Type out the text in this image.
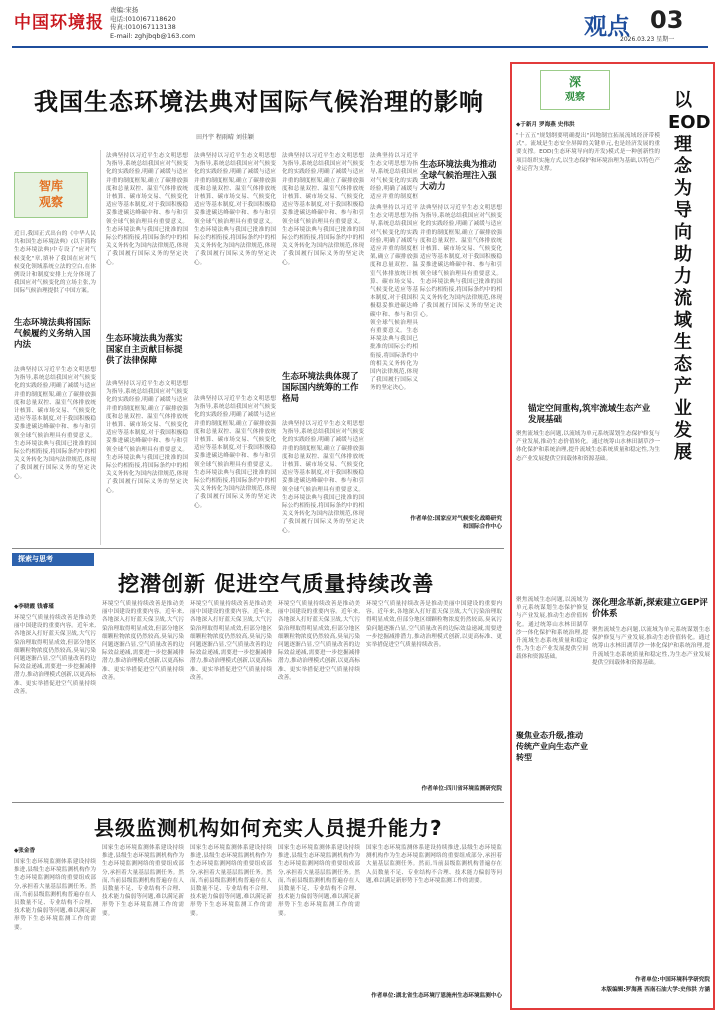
中国环境报
责编:宋扬
电话:(010)67118620
传真:(010)67113138
E-mail: zghjbqb@163.com	观点 03
2026.03.23 星期一
我国生态环境法典对国际气候治理的影响
田丹宇 程雨晴 刘佳颖
智库
观察
近日,我国正式出台的《中华人民共和国生态环境法典》(以下简称生态环境法典)中专设了"应对气候变化"章,填补了我国在应对气候变化领域系统立法的空白,在体例设计和制度安排上充分体现了我国应对气候变化的立场主张,为国际气候治理提供了中国方案。
生态环境法典将国际气候履约义务纳入国内法
法典坚持以习近平生态文明思想为指导,系统总结我国应对气候变化的实践经验,明确了减缓与适应并重的制度框架,确立了碳排放强度和总量双控、温室气体排放统计核算、碳市场交易、气候变化适应等基本制度,对于我国积极稳妥推进碳达峰碳中和、参与和引领全球气候治理具有重要意义。生态环境法典与我国已批准的国际公约相衔接,将国际条约中的相关义务转化为国内法律规范,体现了我国履行国际义务的坚定决心。
法典坚持以习近平生态文明思想为指导,系统总结我国应对气候变化的实践经验,明确了减缓与适应并重的制度框架,确立了碳排放强度和总量双控、温室气体排放统计核算、碳市场交易、气候变化适应等基本制度,对于我国积极稳妥推进碳达峰碳中和、参与和引领全球气候治理具有重要意义。生态环境法典与我国已批准的国际公约相衔接,将国际条约中的相关义务转化为国内法律规范,体现了我国履行国际义务的坚定决心。
生态环境法典为落实国家自主贡献目标提供了法律保障
法典坚持以习近平生态文明思想为指导,系统总结我国应对气候变化的实践经验,明确了减缓与适应并重的制度框架,确立了碳排放强度和总量双控、温室气体排放统计核算、碳市场交易、气候变化适应等基本制度,对于我国积极稳妥推进碳达峰碳中和、参与和引领全球气候治理具有重要意义。生态环境法典与我国已批准的国际公约相衔接,将国际条约中的相关义务转化为国内法律规范,体现了我国履行国际义务的坚定决心。
法典坚持以习近平生态文明思想为指导,系统总结我国应对气候变化的实践经验,明确了减缓与适应并重的制度框架,确立了碳排放强度和总量双控、温室气体排放统计核算、碳市场交易、气候变化适应等基本制度,对于我国积极稳妥推进碳达峰碳中和、参与和引领全球气候治理具有重要意义。生态环境法典与我国已批准的国际公约相衔接,将国际条约中的相关义务转化为国内法律规范,体现了我国履行国际义务的坚定决心。
法典坚持以习近平生态文明思想为指导,系统总结我国应对气候变化的实践经验,明确了减缓与适应并重的制度框架,确立了碳排放强度和总量双控、温室气体排放统计核算、碳市场交易、气候变化适应等基本制度,对于我国积极稳妥推进碳达峰碳中和、参与和引领全球气候治理具有重要意义。生态环境法典与我国已批准的国际公约相衔接,将国际条约中的相关义务转化为国内法律规范,体现了我国履行国际义务的坚定决心。
法典坚持以习近平生态文明思想为指导,系统总结我国应对气候变化的实践经验,明确了减缓与适应并重的制度框架,确立了碳排放强度和总量双控、温室气体排放统计核算、碳市场交易、气候变化适应等基本制度,对于我国积极稳妥推进碳达峰碳中和、参与和引领全球气候治理具有重要意义。生态环境法典与我国已批准的国际公约相衔接,将国际条约中的相关义务转化为国内法律规范,体现了我国履行国际义务的坚定决心。
生态环境法典体现了国际国内统筹的工作格局
法典坚持以习近平生态文明思想为指导,系统总结我国应对气候变化的实践经验,明确了减缓与适应并重的制度框架,确立了碳排放强度和总量双控、温室气体排放统计核算、碳市场交易、气候变化适应等基本制度,对于我国积极稳妥推进碳达峰碳中和、参与和引领全球气候治理具有重要意义。生态环境法典与我国已批准的国际公约相衔接,将国际条约中的相关义务转化为国内法律规范,体现了我国履行国际义务的坚定决心。
法典坚持以习近平生态文明思想为指导,系统总结我国应对气候变化的实践经验,明确了减缓与适应并重的制度框
生态环境法典为推动全球气候治理注入强大动力
法典坚持以习近平生态文明思想为指导,系统总结我国应对气候变化的实践经验,明确了减缓与适应并重的制度框架,确立了碳排放强度和总量双控、温室气体排放统计核算、碳市场交易、气候变化适应等基本制度,对于我国积极稳妥推进碳达峰碳中和、参与和引领全球气候治理具有重要意义。生态环境法典与我国已批准的国际公约相衔接,将国际条约中的相关义务转化为国内法律规范,体现了我国履行国际义务的坚定决心。
法典坚持以习近平生态文明思想为指导,系统总结我国应对气候变化的实践经验,明确了减缓与适应并重的制度框架,确立了碳排放强度和总量双控、温室气体排放统计核算、碳市场交易、气候变化适应等基本制度,对于我国积极稳妥推进碳达峰碳中和、参与和引领全球气候治理具有重要意义。生态环境法典与我国已批准的国际公约相衔接,将国际条约中的相关义务转化为国内法律规范,体现了我国履行国际义务的坚定决心。
作者单位:国家应对气候变化战略研究和国际合作中心
探索与思考
挖潜创新 促进空气质量持续改善
◆李晓霞 钱睿瑾
环境空气质量持续改善是推动美丽中国建设的重要内容。近年来,各地深入打好蓝天保卫战,大气污染治理取得明显成效,但部分地区细颗粒物浓度仍然较高,臭氧污染问题逐渐凸显,空气质量改善的边际效益递减,需要进一步挖掘减排潜力,推动治理模式创新,以更高标准、更实举措促进空气质量持续改善。
环境空气质量持续改善是推动美丽中国建设的重要内容。近年来,各地深入打好蓝天保卫战,大气污染治理取得明显成效,但部分地区细颗粒物浓度仍然较高,臭氧污染问题逐渐凸显,空气质量改善的边际效益递减,需要进一步挖掘减排潜力,推动治理模式创新,以更高标准、更实举措促进空气质量持续改善。
环境空气质量持续改善是推动美丽中国建设的重要内容。近年来,各地深入打好蓝天保卫战,大气污染治理取得明显成效,但部分地区细颗粒物浓度仍然较高,臭氧污染问题逐渐凸显,空气质量改善的边际效益递减,需要进一步挖掘减排潜力,推动治理模式创新,以更高标准、更实举措促进空气质量持续改善。
环境空气质量持续改善是推动美丽中国建设的重要内容。近年来,各地深入打好蓝天保卫战,大气污染治理取得明显成效,但部分地区细颗粒物浓度仍然较高,臭氧污染问题逐渐凸显,空气质量改善的边际效益递减,需要进一步挖掘减排潜力,推动治理模式创新,以更高标准、更实举措促进空气质量持续改善。
环境空气质量持续改善是推动美丽中国建设的重要内容。近年来,各地深入打好蓝天保卫战,大气污染治理取得明显成效,但部分地区细颗粒物浓度仍然较高,臭氧污染问题逐渐凸显,空气质量改善的边际效益递减,需要进一步挖掘减排潜力,推动治理模式创新,以更高标准、更实举措促进空气质量持续改善。
作者单位:四川省环境监测研究院
县级监测机构如何充实人员提升能力?
◆张金香
国家生态环境监测体系建设持续推进,县级生态环境监测机构作为生态环境监测网络的重要组成部分,承担着大量基层监测任务。然而,当前县级监测机构普遍存在人员数量不足、专业结构不合理、技术能力偏弱等问题,难以满足新形势下生态环境监测工作的需要。
国家生态环境监测体系建设持续推进,县级生态环境监测机构作为生态环境监测网络的重要组成部分,承担着大量基层监测任务。然而,当前县级监测机构普遍存在人员数量不足、专业结构不合理、技术能力偏弱等问题,难以满足新形势下生态环境监测工作的需要。
国家生态环境监测体系建设持续推进,县级生态环境监测机构作为生态环境监测网络的重要组成部分,承担着大量基层监测任务。然而,当前县级监测机构普遍存在人员数量不足、专业结构不合理、技术能力偏弱等问题,难以满足新形势下生态环境监测工作的需要。
国家生态环境监测体系建设持续推进,县级生态环境监测机构作为生态环境监测网络的重要组成部分,承担着大量基层监测任务。然而,当前县级监测机构普遍存在人员数量不足、专业结构不合理、技术能力偏弱等问题,难以满足新形势下生态环境监测工作的需要。
国家生态环境监测体系建设持续推进,县级生态环境监测机构作为生态环境监测网络的重要组成部分,承担着大量基层监测任务。然而,当前县级监测机构普遍存在人员数量不足、专业结构不合理、技术能力偏弱等问题,难以满足新形势下生态环境监测工作的需要。
作者单位:湖北省生态环境厅恩施州生态环境监测中心
深
观察	以EOD理念为导向助力流域生态产业发展
◆于新月 罗海燕 史伟洪
"十五五"规划纲要明确提出"因地制宜拓展流域经济带模式"。流域是生态安全屏障的关键单元,也是经济发展的重要支撑。EOD(生态环境导向的开发)模式是一种创新性的项目组织实施方式,以生态保护和环境治理为基础,以特色产业运营为支撑。
锚定空间重构,筑牢流域生态产业发展基础
聚焦流域生态问题,以流域为单元系统谋划生态保护修复与产业发展,推动生态价值转化。通过统筹山水林田湖草沙一体化保护和系统治理,提升流域生态系统质量和稳定性,为生态产业发展提供空间载体和资源基础。
聚焦流域生态问题,以流域为单元系统谋划生态保护修复与产业发展,推动生态价值转化。通过统筹山水林田湖草沙一体化保护和系统治理,提升流域生态系统质量和稳定性,为生态产业发展提供空间载体和资源基础。
深化理念革新,探索建立GEP评价体系
聚焦流域生态问题,以流域为单元系统谋划生态保护修复与产业发展,推动生态价值转化。通过统筹山水林田湖草沙一体化保护和系统治理,提升流域生态系统质量和稳定性,为生态产业发展提供空间载体和资源基础。
聚焦业态升级,推动传统产业向生态产业转型
作者单位:中国环境科学研究院
本版编辑:罗海燕 西南石油大学:史伟洪 方涵
